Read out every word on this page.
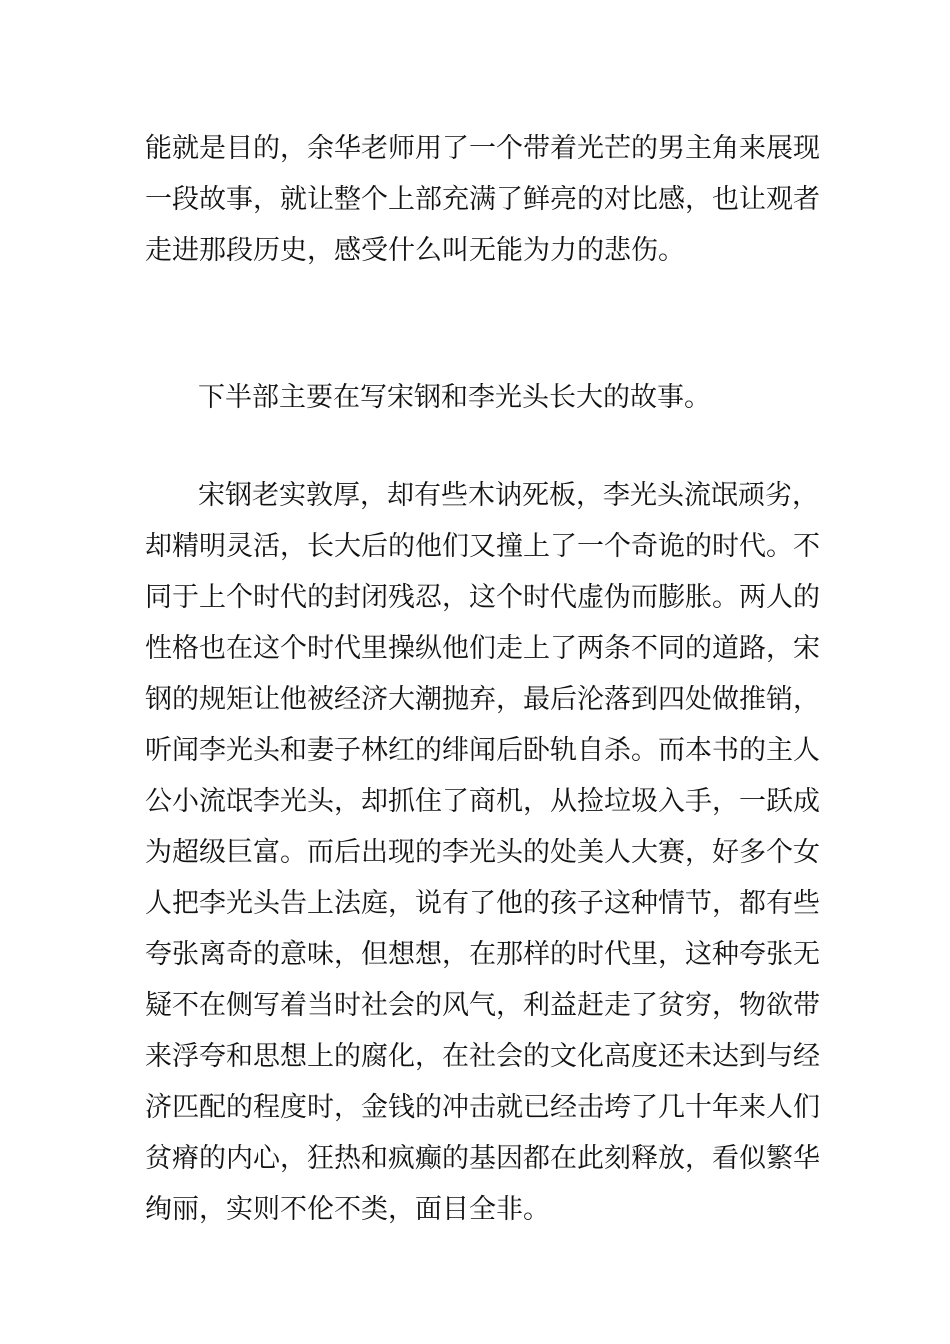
能就是目的，余华老师用了一个带着光芒的男主角来展现
一段故事，就让整个上部充满了鲜亮的对比感，也让观者
走进那段历史，感受什么叫无能为力的悲伤。
下半部主要在写宋钢和李光头长大的故事。
宋钢老实敦厚，却有些木讷死板，李光头流氓顽劣，
却精明灵活，长大后的他们又撞上了一个奇诡的时代。不
同于上个时代的封闭残忍，这个时代虚伪而膨胀。两人的
性格也在这个时代里操纵他们走上了两条不同的道路，宋
钢的规矩让他被经济大潮抛弃，最后沦落到四处做推销，
听闻李光头和妻子林红的绯闻后卧轨自杀。而本书的主人
公小流氓李光头，却抓住了商机，从捡垃圾入手，一跃成
为超级巨富。而后出现的李光头的处美人大赛，好多个女
人把李光头告上法庭，说有了他的孩子这种情节，都有些
夸张离奇的意味，但想想，在那样的时代里，这种夸张无
疑不在侧写着当时社会的风气，利益赶走了贫穷，物欲带
来浮夸和思想上的腐化，在社会的文化高度还未达到与经
济匹配的程度时，金钱的冲击就已经击垮了几十年来人们
贫瘠的内心，狂热和疯癫的基因都在此刻释放，看似繁华
绚丽，实则不伦不类，面目全非。
